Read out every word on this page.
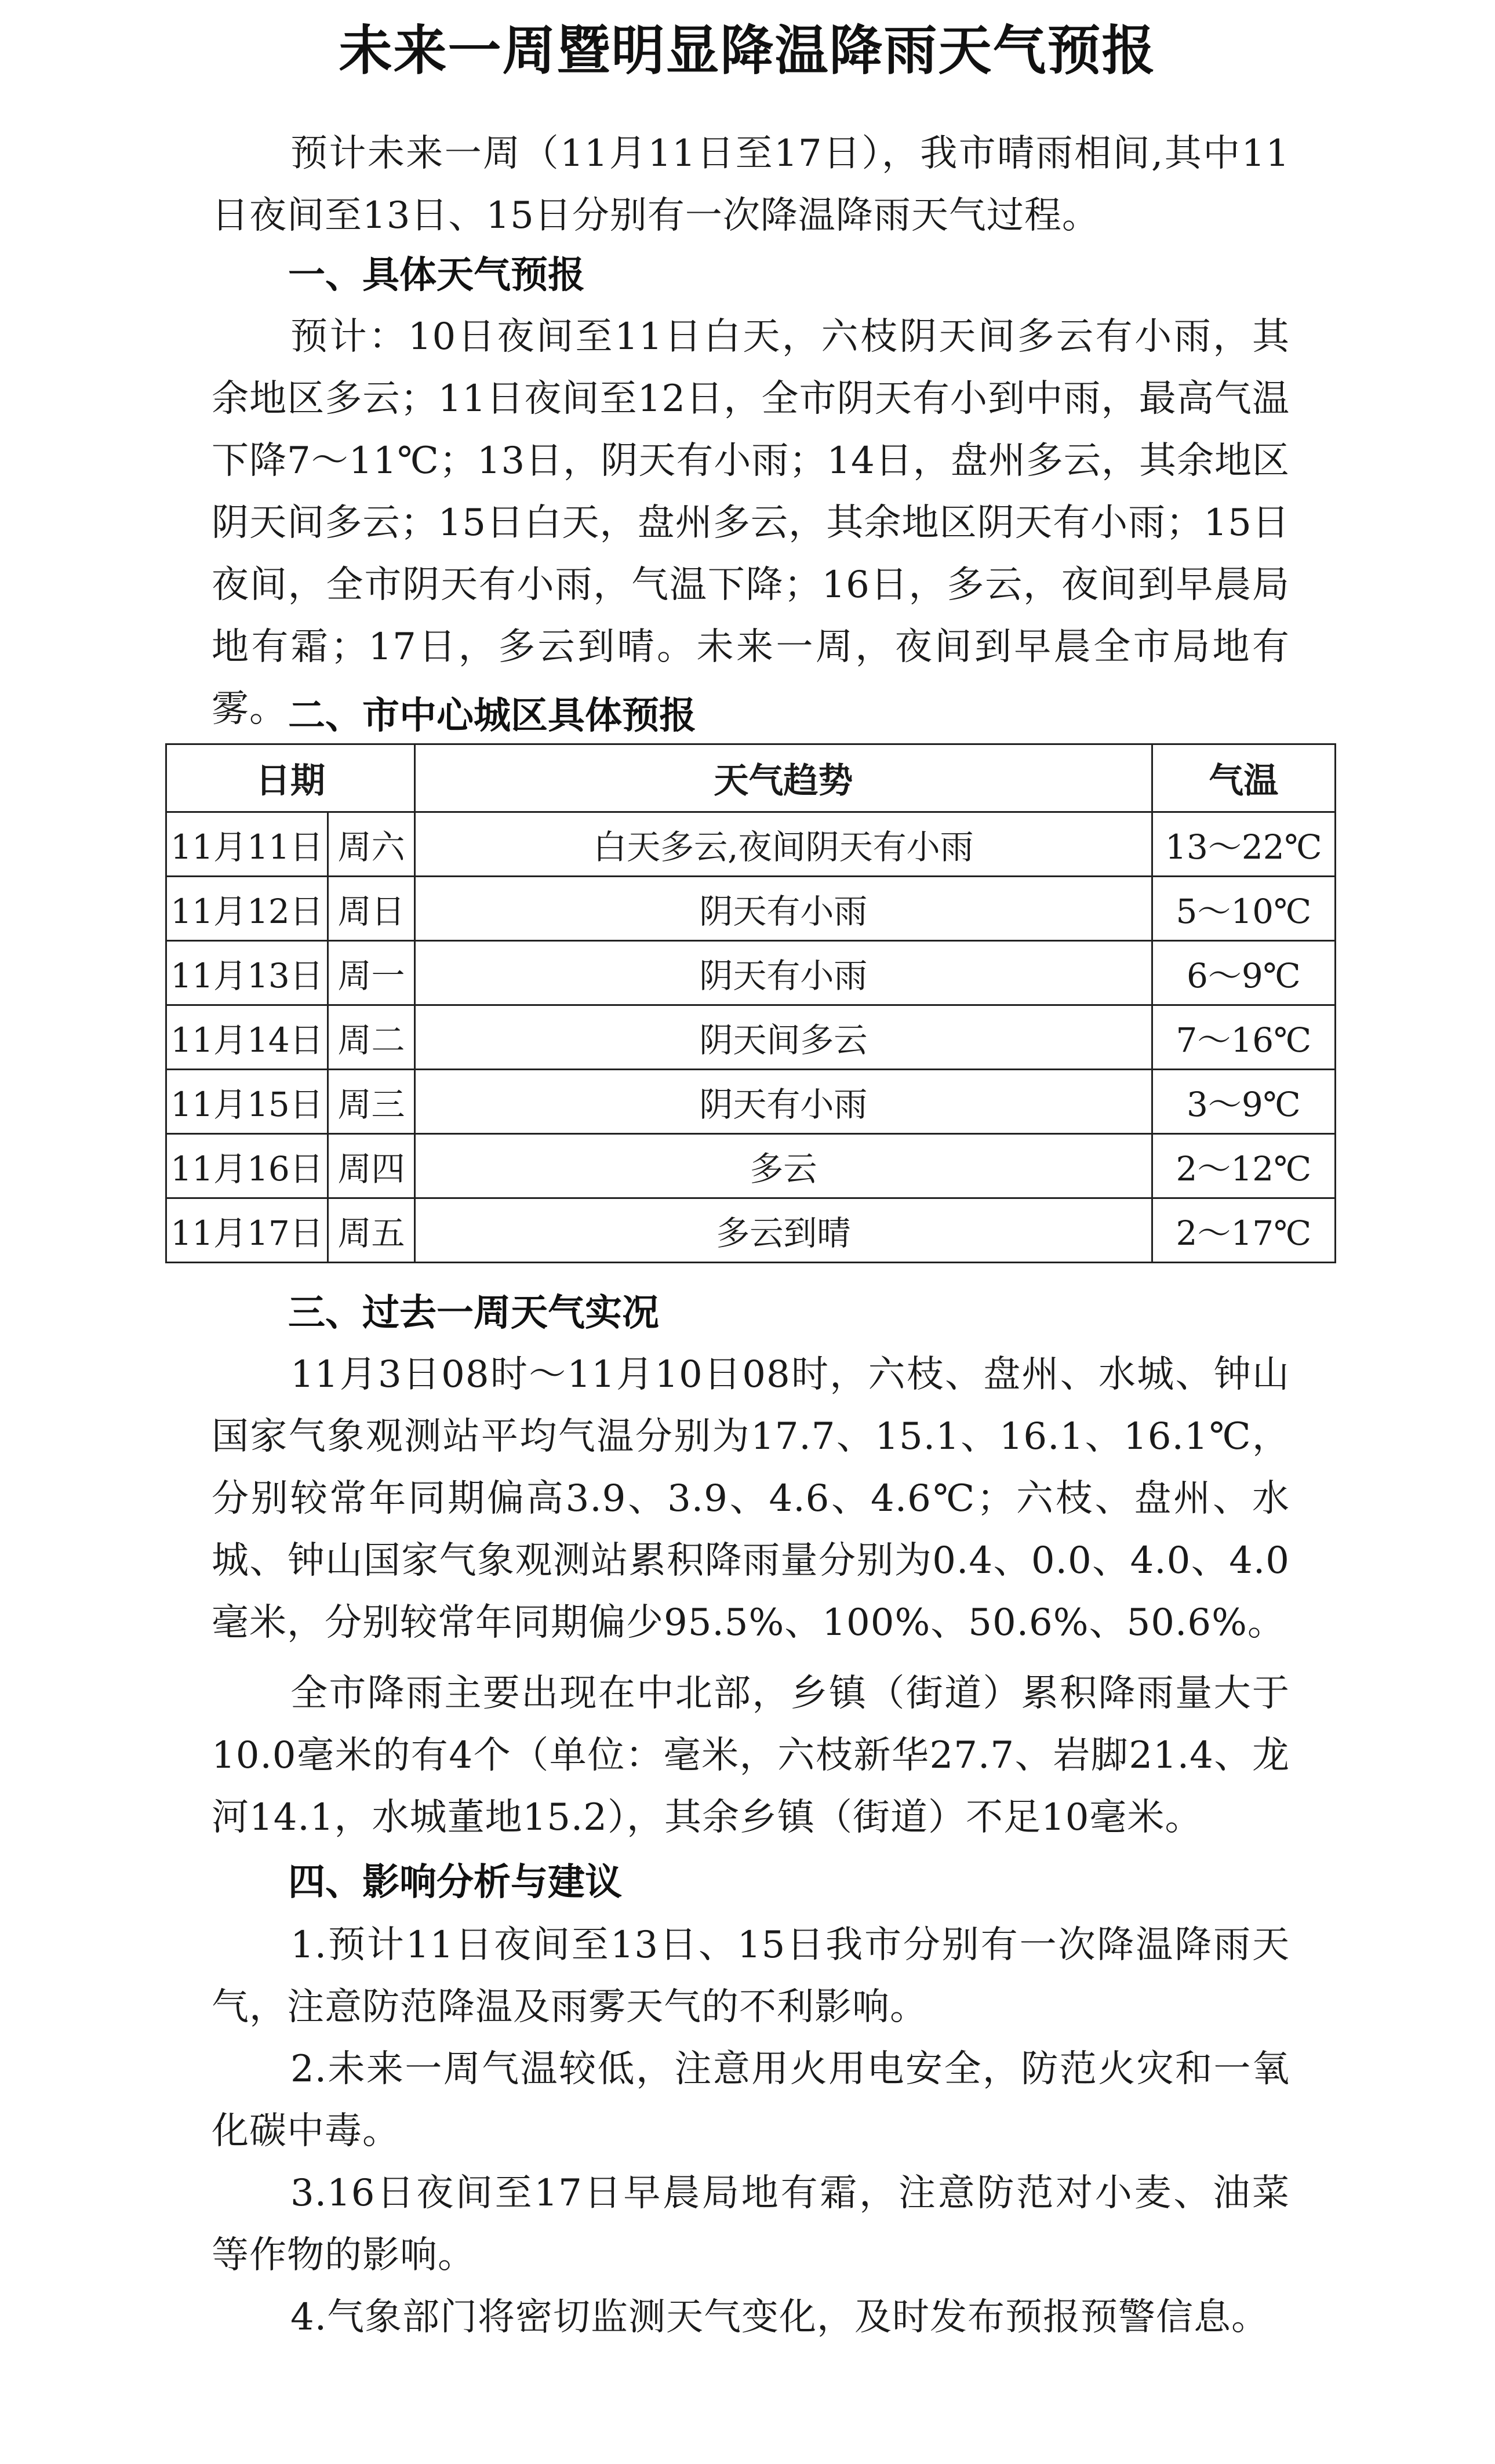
未来一周暨明显降温降雨天气预报
预计未来一周（11月11日至17日），我市晴雨相间,其中11日夜间至13日、15日分别有一次降温降雨天气过程。
一、具体天气预报
预计：10日夜间至11日白天，六枝阴天间多云有小雨，其余地区多云；11日夜间至12日，全市阴天有小到中雨，最高气温下降7～11℃；13日，阴天有小雨；14日，盘州多云，其余地区阴天间多云；15日白天，盘州多云，其余地区阴天有小雨；15日夜间，全市阴天有小雨，气温下降；16日，多云，夜间到早晨局地有霜；17日，多云到晴。未来一周，夜间到早晨全市局地有雾。 二、市中心城区具体预报
日期		天气趋势	气温
11月11日	周六	白天多云,夜间阴天有小雨	13～22℃
11月12日	周日	阴天有小雨	5～10℃
11月13日	周一	阴天有小雨	6～9℃
11月14日	周二	阴天间多云	7～16℃
11月15日	周三	阴天有小雨	3～9℃
11月16日	周四	多云	2～12℃
11月17日	周五	多云到晴	2～17℃
三、过去一周天气实况
11月3日08时～11月10日08时，六枝、盘州、水城、钟山国家气象观测站平均气温分别为17.7、15.1、16.1、16.1℃，分别较常年同期偏高3.9、3.9、4.6、4.6℃；六枝、盘州、水城、钟山国家气象观测站累积降雨量分别为0.4、0.0、4.0、4.0毫米，分别较常年同期偏少95.5%、100%、50.6%、50.6%。
全市降雨主要出现在中北部，乡镇（街道）累积降雨量大于10.0毫米的有4个（单位：毫米，六枝新华27.7、岩脚21.4、龙河14.1，水城董地15.2），其余乡镇（街道）不足10毫米。
四、影响分析与建议
1.预计11日夜间至13日、15日我市分别有一次降温降雨天气，注意防范降温及雨雾天气的不利影响。
2.未来一周气温较低，注意用火用电安全，防范火灾和一氧化碳中毒。
3.16日夜间至17日早晨局地有霜，注意防范对小麦、油菜等作物的影响。
4.气象部门将密切监测天气变化，及时发布预报预警信息。
